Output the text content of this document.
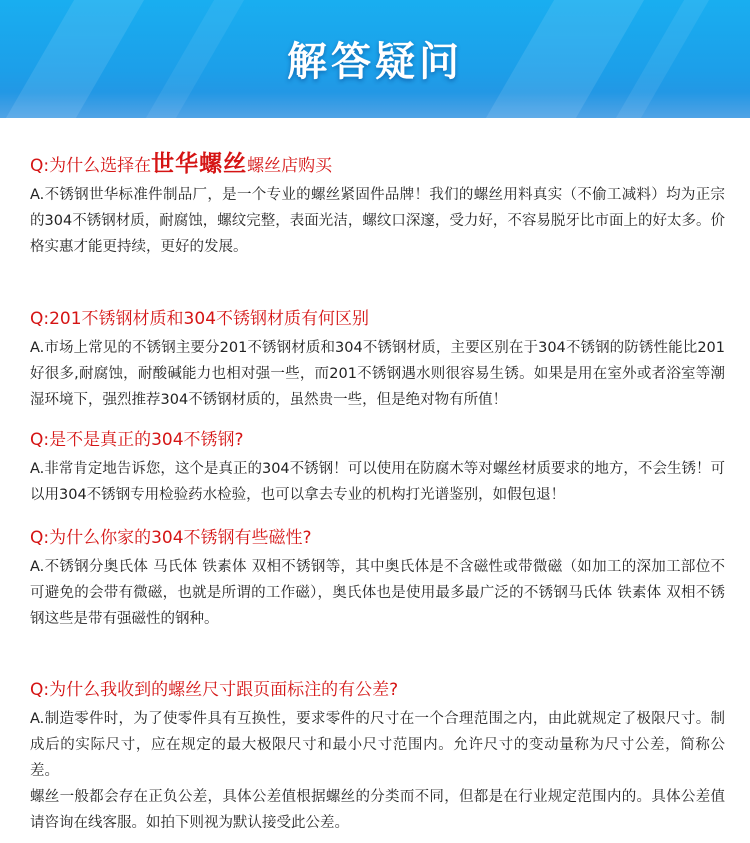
解答疑问
Q:为什么选择在世华螺丝螺丝店购买

A.不锈钢世华标准件制品厂，是一个专业的螺丝紧固件品牌！我们的螺丝用料真实（不偷工减料）均为正宗的304不锈钢材质，耐腐蚀，螺纹完整，表面光洁，螺纹口深邃，受力好，不容易脱牙比市面上的好太多。价格实惠才能更持续，更好的发展。

Q:201不锈钢材质和304不锈钢材质有何区别

A.市场上常见的不锈钢主要分201不锈钢材质和304不锈钢材质，主要区别在于304不锈钢的防锈性能比201好很多,耐腐蚀，耐酸碱能力也相对强一些，而201不锈钢遇水则很容易生锈。如果是用在室外或者浴室等潮湿环境下，强烈推荐304不锈钢材质的，虽然贵一些，但是绝对物有所值！

Q:是不是真正的304不锈钢?

A.非常肯定地告诉您，这个是真正的304不锈钢！可以使用在防腐木等对螺丝材质要求的地方，不会生锈！可以用304不锈钢专用检验药水检验，也可以拿去专业的机构打光谱鉴别，如假包退！

Q:为什么你家的304不锈钢有些磁性?

A.不锈钢分奥氏体 马氏体 铁素体 双相不锈钢等，其中奥氏体是不含磁性或带微磁（如加工的深加工部位不可避免的会带有微磁，也就是所谓的工作磁），奥氏体也是使用最多最广泛的不锈钢马氏体 铁素体 双相不锈钢这些是带有强磁性的钢种。

Q:为什么我收到的螺丝尺寸跟页面标注的有公差?

A.制造零件时，为了使零件具有互换性，要求零件的尺寸在一个合理范围之内，由此就规定了极限尺寸。制成后的实际尺寸，应在规定的最大极限尺寸和最小尺寸范围内。允许尺寸的变动量称为尺寸公差，简称公差。

螺丝一般都会存在正负公差，具体公差值根据螺丝的分类而不同，但都是在行业规定范围内的。具体公差值请咨询在线客服。如拍下则视为默认接受此公差。
